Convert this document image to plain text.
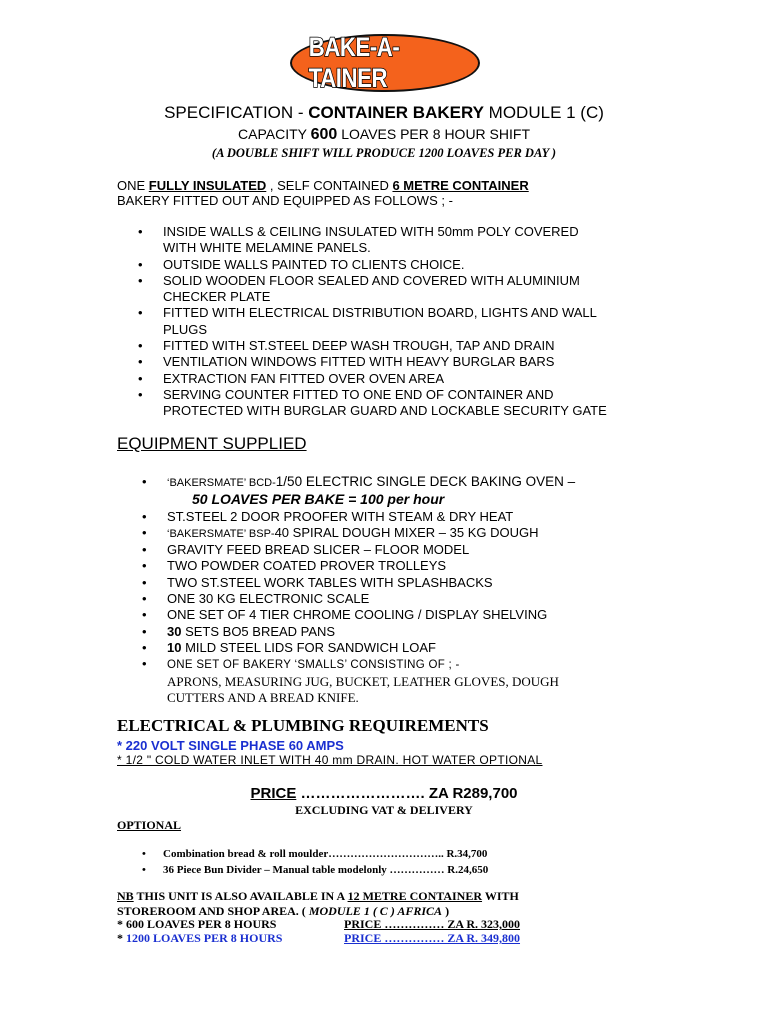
BAKE-A-TAINER
SPECIFICATION - CONTAINER BAKERY MODULE 1 (C)
CAPACITY 600 LOAVES PER 8 HOUR SHIFT
(A DOUBLE SHIFT WILL PRODUCE 1200 LOAVES PER DAY )
ONE FULLY INSULATED , SELF CONTAINED 6 METRE CONTAINER
BAKERY FITTED OUT AND EQUIPPED AS FOLLOWS ; -
• INSIDE WALLS & CEILING INSULATED WITH 50mm POLY COVERED
WITH WHITE MELAMINE PANELS.
• OUTSIDE WALLS PAINTED TO CLIENTS CHOICE.
• SOLID WOODEN FLOOR SEALED AND COVERED WITH ALUMINIUM
CHECKER PLATE
• FITTED WITH ELECTRICAL DISTRIBUTION BOARD, LIGHTS AND WALL
PLUGS
• FITTED WITH ST.STEEL DEEP WASH TROUGH, TAP AND DRAIN
• VENTILATION WINDOWS FITTED WITH HEAVY BURGLAR BARS
• EXTRACTION FAN FITTED OVER OVEN AREA
• SERVING COUNTER FITTED TO ONE END OF CONTAINER AND
PROTECTED WITH BURGLAR GUARD AND LOCKABLE SECURITY GATE
EQUIPMENT SUPPLIED
• ‘BAKERSMATE’ BCD-1/50 ELECTRIC SINGLE DECK BAKING OVEN –
50 LOAVES PER BAKE = 100 per hour
• ST.STEEL 2 DOOR PROOFER WITH STEAM & DRY HEAT
• ‘BAKERSMATE’ BSP-40 SPIRAL DOUGH MIXER – 35 KG DOUGH
• GRAVITY FEED BREAD SLICER – FLOOR MODEL
• TWO POWDER COATED PROVER TROLLEYS
• TWO ST.STEEL WORK TABLES WITH SPLASHBACKS
• ONE 30 KG ELECTRONIC SCALE
• ONE SET OF 4 TIER CHROME COOLING / DISPLAY SHELVING
• 30 SETS BO5 BREAD PANS
• 10 MILD STEEL LIDS FOR SANDWICH LOAF
• ONE SET OF BAKERY ‘SMALLS’ CONSISTING OF ; -
APRONS, MEASURING JUG, BUCKET, LEATHER GLOVES, DOUGH
CUTTERS AND A BREAD KNIFE.
ELECTRICAL & PLUMBING REQUIREMENTS
* 220 VOLT SINGLE PHASE 60 AMPS
* 1/2 " COLD WATER INLET WITH 40 mm DRAIN. HOT WATER OPTIONAL
PRICE ……………………. ZA R289,700
EXCLUDING VAT & DELIVERY
OPTIONAL
• Combination bread & roll moulder………………………….. R.34,700
• 36 Piece Bun Divider – Manual table modelonly …………… R.24,650
NB THIS UNIT IS ALSO AVAILABLE IN A 12 METRE CONTAINER WITH
STOREROOM AND SHOP AREA. ( MODULE 1 ( C ) AFRICA )
* 600 LOAVES PER 8 HOURS	PRICE …………… ZA R. 323,000
* 1200 LOAVES PER 8 HOURS	PRICE …………… ZA R. 349,800
